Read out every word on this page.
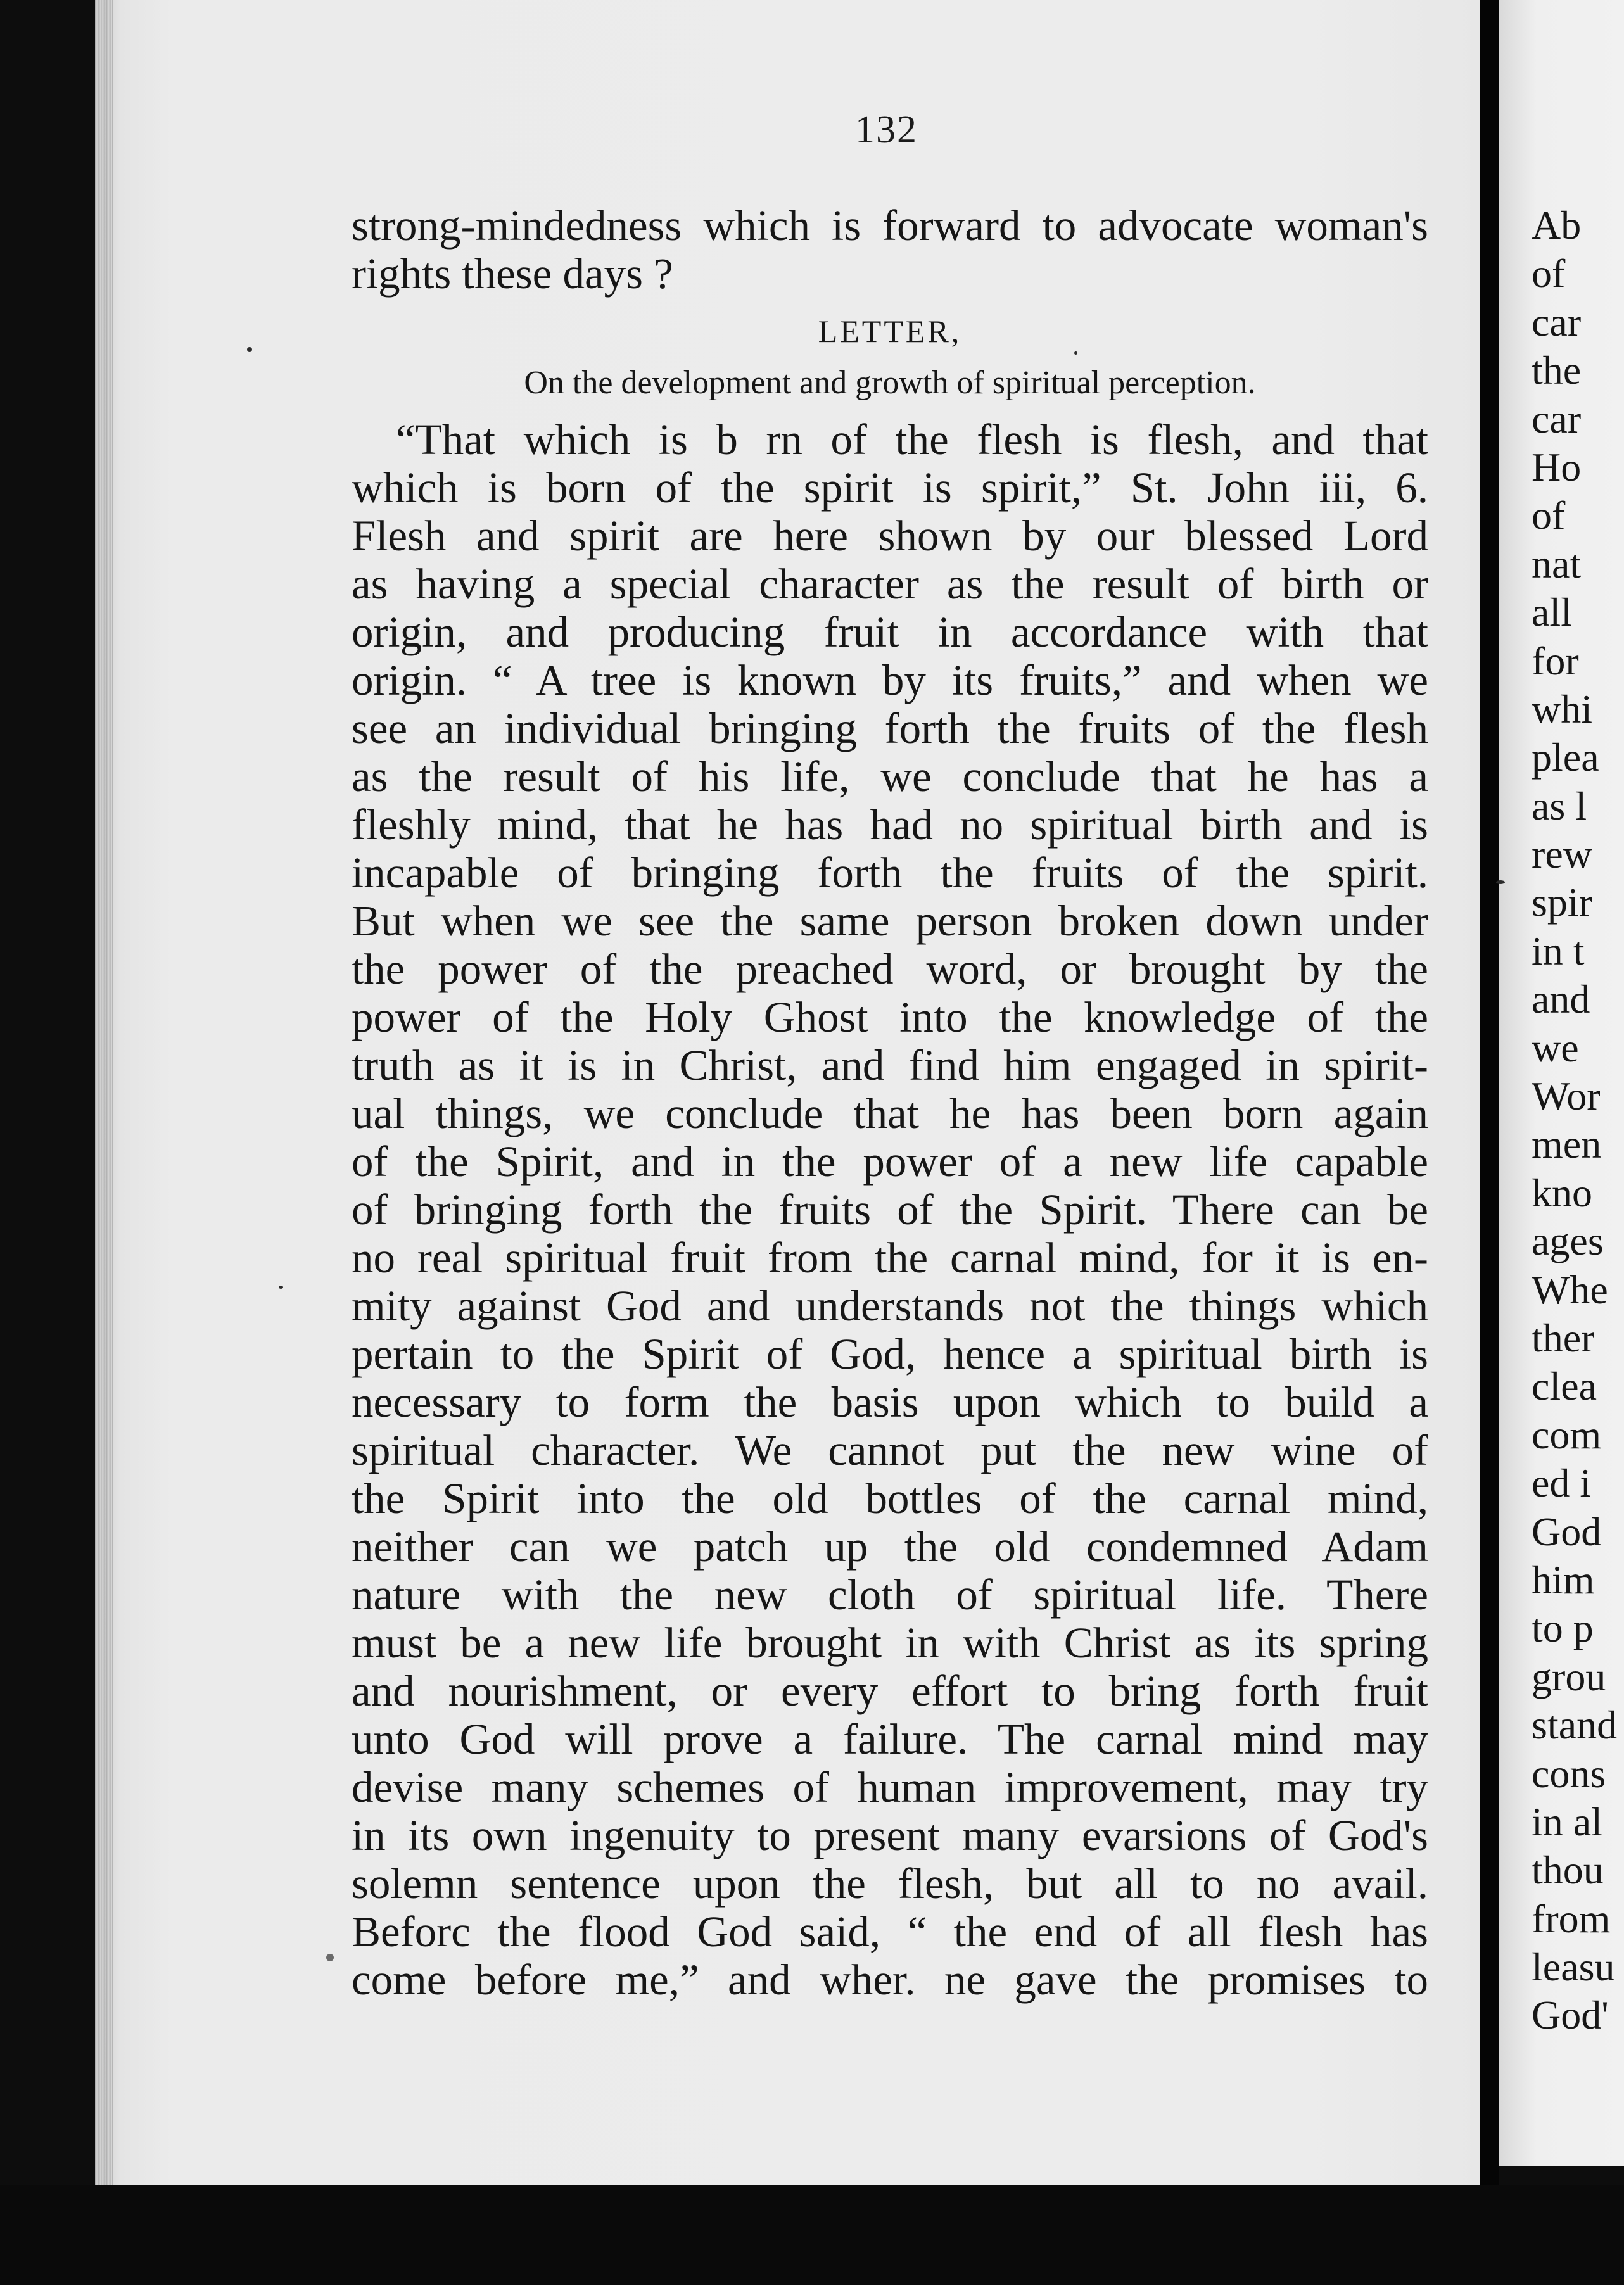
132
strong-mindedness which is forward to advocate woman's
rights these days ?
LETTER,
On the development and growth of spiritual perception.
“That which is b rn of the flesh is flesh, and that
which is born of the spirit is spirit,” St. John iii, 6.
Flesh and spirit are here shown by our blessed Lord
as having a special character as the result of birth or
origin, and producing fruit in accordance with that
origin. “ A tree is known by its fruits,” and when we
see an individual bringing forth the fruits of the flesh
as the result of his life, we conclude that he has a
fleshly mind, that he has had no spiritual birth and is
incapable of bringing forth the fruits of the spirit.
But when we see the same person broken down under
the power of the preached word, or brought by the
power of the Holy Ghost into the knowledge of the
truth as it is in Christ, and find him engaged in spirit-
ual things, we conclude that he has been born again
of the Spirit, and in the power of a new life capable
of bringing forth the fruits of the Spirit. There can be
no real spiritual fruit from the carnal mind, for it is en-
mity against God and understands not the things which
pertain to the Spirit of God, hence a spiritual birth is
necessary to form the basis upon which to build a
spiritual character. We cannot put the new wine of
the Spirit into the old bottles of the carnal mind,
neither can we patch up the old condemned Adam
nature with the new cloth of spiritual life. There
must be a new life brought in with Christ as its spring
and nourishment, or every effort to bring forth fruit
unto God will prove a failure. The carnal mind may
devise many schemes of human improvement, may try
in its own ingenuity to present many evarsions of God's
solemn sentence upon the flesh, but all to no avail.
Beforc the flood God said, “ the end of all flesh has
come before me,” and wher. ne gave the promises to
Ab
of
car
the
car
Ho
of
nat
all
for
whi
plea
as l
rew
spir
in t
and
we
Wor
men
kno
ages
Whe
ther
clea
com
ed i
God
him
to p
grou
stand
cons
in al
thou
from
leasu
God'
